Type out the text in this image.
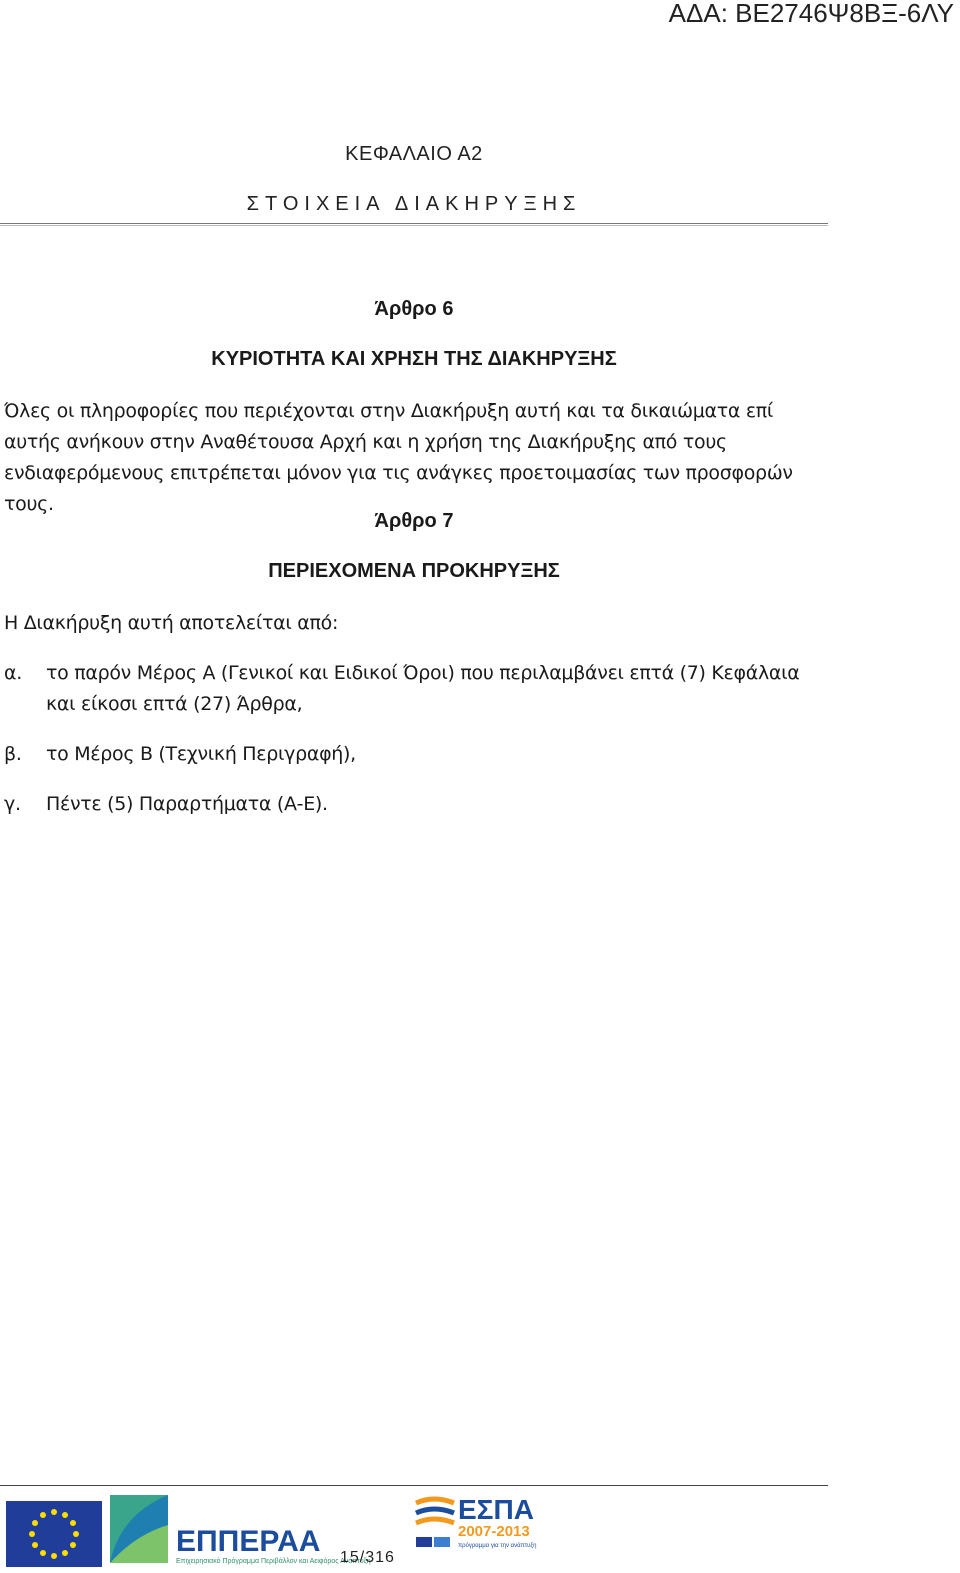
ΑΔΑ: ΒΕ2746Ψ8ΒΞ-6ΛΥ
ΚΕΦΑΛΑΙΟ Α2
ΣΤΟΙΧΕΙΑ ΔΙΑΚΗΡΥΞΗΣ
Άρθρο 6
ΚΥΡΙΟΤΗΤΑ ΚΑΙ ΧΡΗΣΗ ΤΗΣ ΔΙΑΚΗΡΥΞΗΣ
Όλες οι πληροφορίες που περιέχονται στην Διακήρυξη αυτή και τα δικαιώματα επί αυτής ανήκουν στην Αναθέτουσα Αρχή και η χρήση της Διακήρυξης από τους ενδιαφερόμενους επιτρέπεται μόνον για τις ανάγκες προετοιμασίας των προσφορών τους.
Άρθρο 7
ΠΕΡΙΕΧΟΜΕΝΑ ΠΡΟΚΗΡΥΞΗΣ
Η Διακήρυξη αυτή αποτελείται από:
α. το παρόν Μέρος Α (Γενικοί και Ειδικοί Όροι) που περιλαμβάνει επτά (7) Κεφάλαια και είκοσι επτά (27) Άρθρα,
β. το Μέρος Β (Τεχνική Περιγραφή),
γ. Πέντε (5) Παραρτήματα (Α-Ε).
ΕΠΠΕΡΑΑ
Επιχειρησιακό Πρόγραμμα Περιβάλλον και Αειφόρος Ανάπτυξη
15/316
ΕΣΠΑ
2007-2013
πρόγραμμα για την ανάπτυξη
